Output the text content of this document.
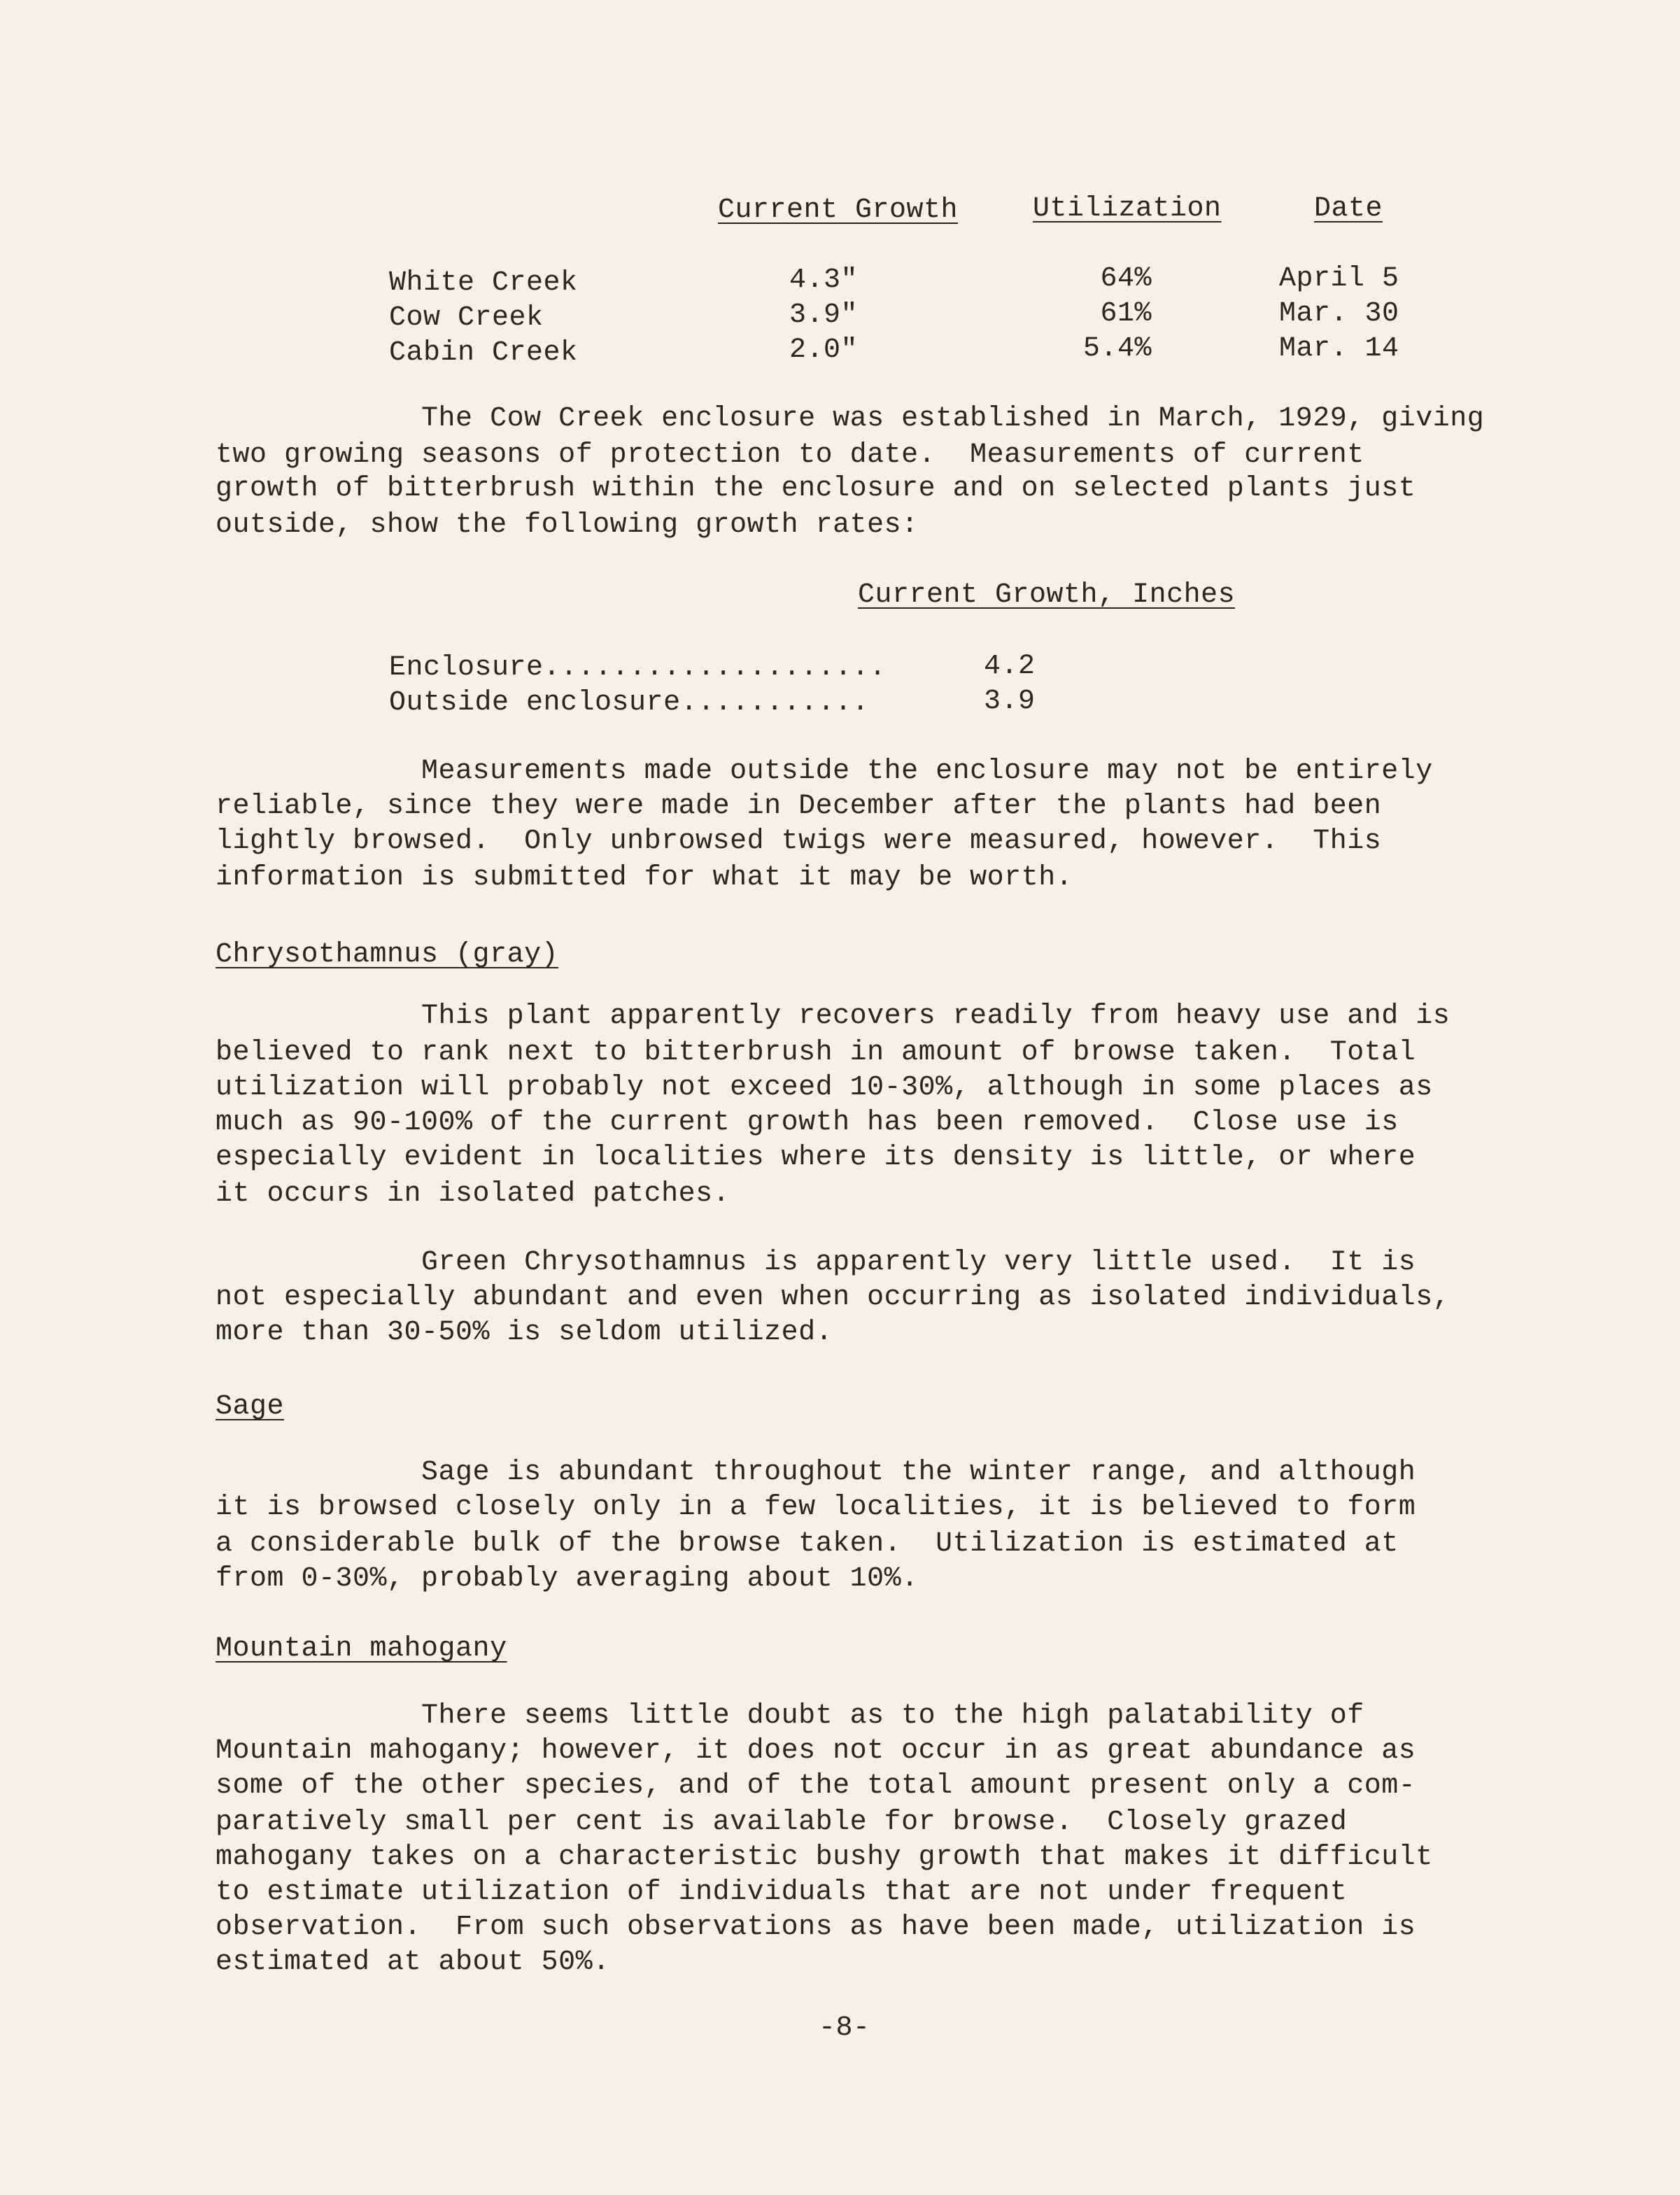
Current Growth	Utilization	Date
White Creek	4.3"	64%	April 5
Cow Creek	3.9"	61%	Mar. 30
Cabin Creek	2.0"	5.4%	Mar. 14
The Cow Creek enclosure was established in March, 1929, giving
two growing seasons of protection to date.  Measurements of current
growth of bitterbrush within the enclosure and on selected plants just
outside, show the following growth rates:
Current Growth, Inches
Enclosure....................	4.2
Outside enclosure...........	3.9
Measurements made outside the enclosure may not be entirely
reliable, since they were made in December after the plants had been
lightly browsed.  Only unbrowsed twigs were measured, however.  This
information is submitted for what it may be worth.
Chrysothamnus (gray)
This plant apparently recovers readily from heavy use and is
believed to rank next to bitterbrush in amount of browse taken.  Total
utilization will probably not exceed 10-30%, although in some places as
much as 90-100% of the current growth has been removed.  Close use is
especially evident in localities where its density is little, or where
it occurs in isolated patches.
Green Chrysothamnus is apparently very little used.  It is
not especially abundant and even when occurring as isolated individuals,
more than 30-50% is seldom utilized.
Sage
Sage is abundant throughout the winter range, and although
it is browsed closely only in a few localities, it is believed to form
a considerable bulk of the browse taken.  Utilization is estimated at
from 0-30%, probably averaging about 10%.
Mountain mahogany
There seems little doubt as to the high palatability of
Mountain mahogany; however, it does not occur in as great abundance as
some of the other species, and of the total amount present only a com-
paratively small per cent is available for browse.  Closely grazed
mahogany takes on a characteristic bushy growth that makes it difficult
to estimate utilization of individuals that are not under frequent
observation.  From such observations as have been made, utilization is
estimated at about 50%.
-8-
